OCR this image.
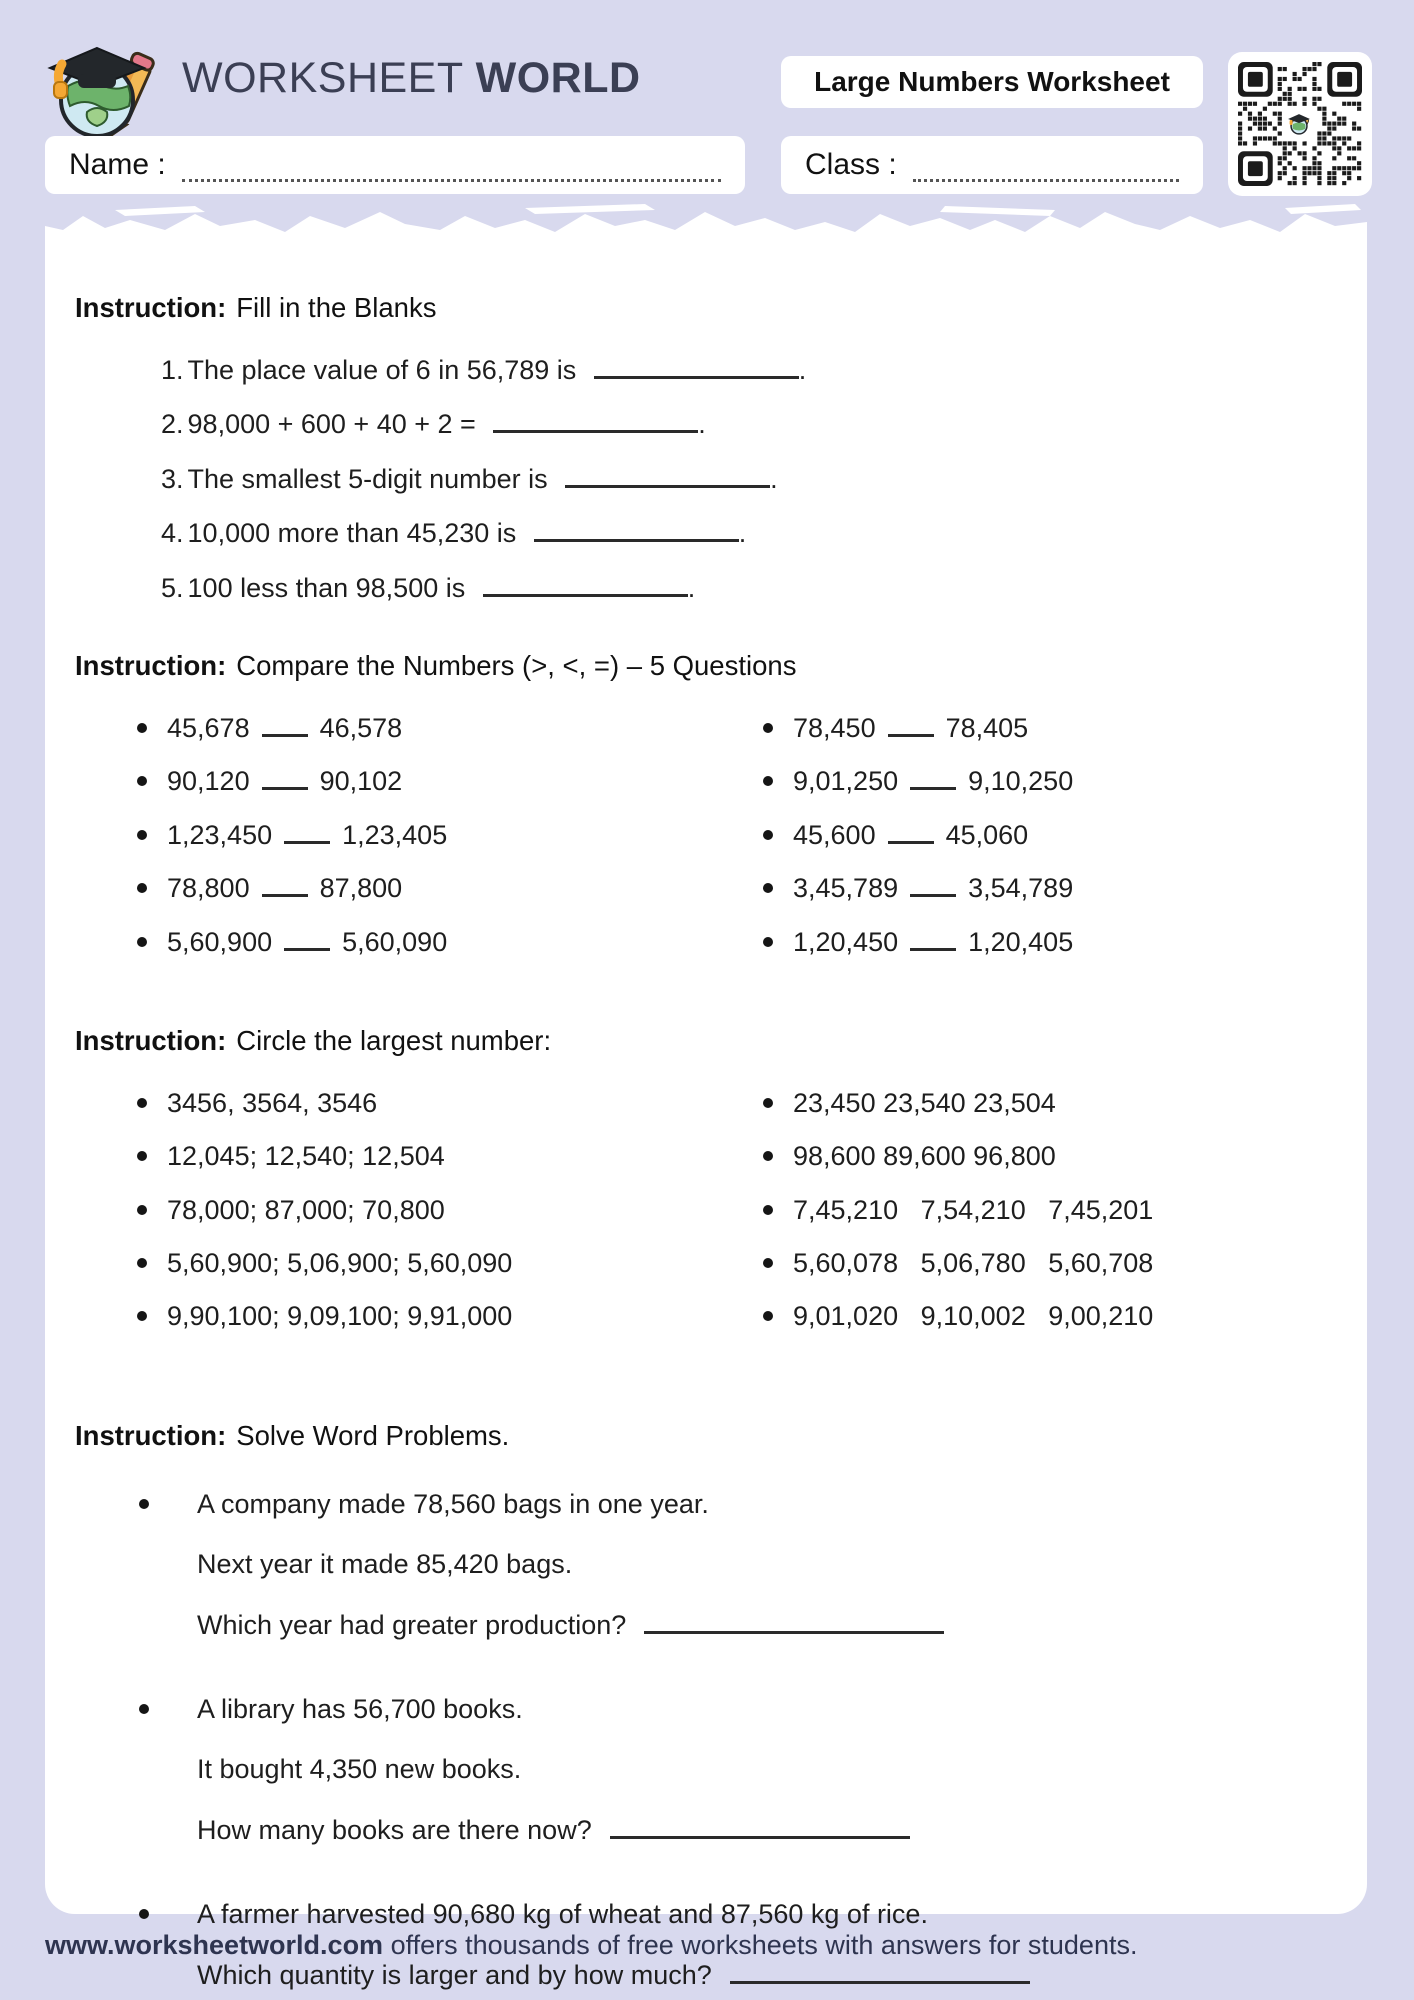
WORKSHEET WORLD	Large Numbers Worksheet
Name :	Class :
Instruction: Fill in the Blanks
1. The place value of 6 in 56,789 is	.
2. 98,000 + 600 + 40 + 2 =	.
3. The smallest 5-digit number is	.
4. 10,000 more than 45,230 is	.
5. 100 less than 98,500 is	.
Instruction: Compare the Numbers (>, <, =) – 5 Questions
45,678	46,578
90,120	90,102
1,23,450	1,23,405
78,800	87,800
5,60,900	5,60,090
78,450	78,405
9,01,250	9,10,250
45,600	45,060
3,45,789	3,54,789
1,20,450	1,20,405
Instruction: Circle the largest number:
3456, 3564, 3546
12,045; 12,540; 12,504
78,000; 87,000; 70,800
5,60,900; 5,06,900; 5,60,090
9,90,100; 9,09,100; 9,91,000
23,450 23,540 23,504
98,600 89,600 96,800
7,45,210   7,54,210   7,45,201
5,60,078   5,06,780   5,60,708
9,01,020   9,10,002   9,00,210
Instruction: Solve Word Problems.
A company made 78,560 bags in one year.
Next year it made 85,420 bags.
Which year had greater production?
A library has 56,700 books.
It bought 4,350 new books.
How many books are there now?
A farmer harvested 90,680 kg of wheat and 87,560 kg of rice.
Which quantity is larger and by how much?
www.worksheetworld.com offers thousands of free worksheets with answers for students.
